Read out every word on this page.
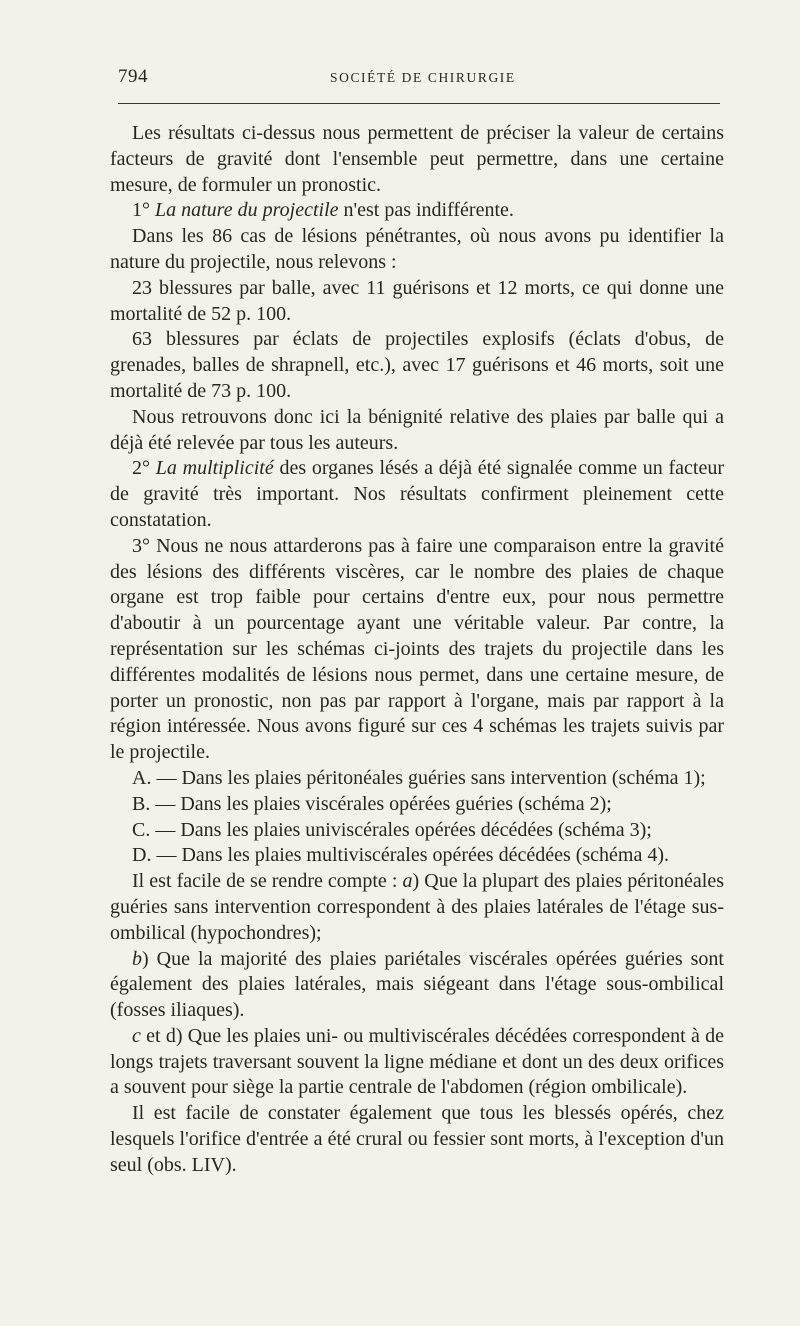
794	SOCIÉTÉ DE CHIRURGIE

Les résultats ci-dessus nous permettent de préciser la valeur de certains facteurs de gravité dont l'ensemble peut permettre, dans une certaine mesure, de formuler un pronostic.

1° La nature du projectile n'est pas indifférente.

Dans les 86 cas de lésions pénétrantes, où nous avons pu identifier la nature du projectile, nous relevons :

23 blessures par balle, avec 11 guérisons et 12 morts, ce qui donne une mortalité de 52 p. 100.

63 blessures par éclats de projectiles explosifs (éclats d'obus, de grenades, balles de shrapnell, etc.), avec 17 guérisons et 46 morts, soit une mortalité de 73 p. 100.

Nous retrouvons donc ici la bénignité relative des plaies par balle qui a déjà été relevée par tous les auteurs.

2° La multiplicité des organes lésés a déjà été signalée comme un facteur de gravité très important. Nos résultats confirment pleinement cette constatation.

3° Nous ne nous attarderons pas à faire une comparaison entre la gravité des lésions des différents viscères, car le nombre des plaies de chaque organe est trop faible pour certains d'entre eux, pour nous permettre d'aboutir à un pourcentage ayant une véritable valeur. Par contre, la représentation sur les schémas ci-joints des trajets du projectile dans les différentes modalités de lésions nous permet, dans une certaine mesure, de porter un pronostic, non pas par rapport à l'organe, mais par rapport à la région intéressée. Nous avons figuré sur ces 4 schémas les trajets suivis par le projectile.

A. — Dans les plaies péritonéales guéries sans intervention (schéma 1);

B. — Dans les plaies viscérales opérées guéries (schéma 2);

C. — Dans les plaies univiscérales opérées décédées (schéma 3);

D. — Dans les plaies multiviscérales opérées décédées (schéma 4).

Il est facile de se rendre compte : a) Que la plupart des plaies péritonéales guéries sans intervention correspondent à des plaies latérales de l'étage sus-ombilical (hypochondres);

b) Que la majorité des plaies pariétales viscérales opérées guéries sont également des plaies latérales, mais siégeant dans l'étage sous-ombilical (fosses iliaques).

c et d) Que les plaies uni- ou multiviscérales décédées correspondent à de longs trajets traversant souvent la ligne médiane et dont un des deux orifices a souvent pour siège la partie centrale de l'abdomen (région ombilicale).

Il est facile de constater également que tous les blessés opérés, chez lesquels l'orifice d'entrée a été crural ou fessier sont morts, à l'exception d'un seul (obs. LIV).
